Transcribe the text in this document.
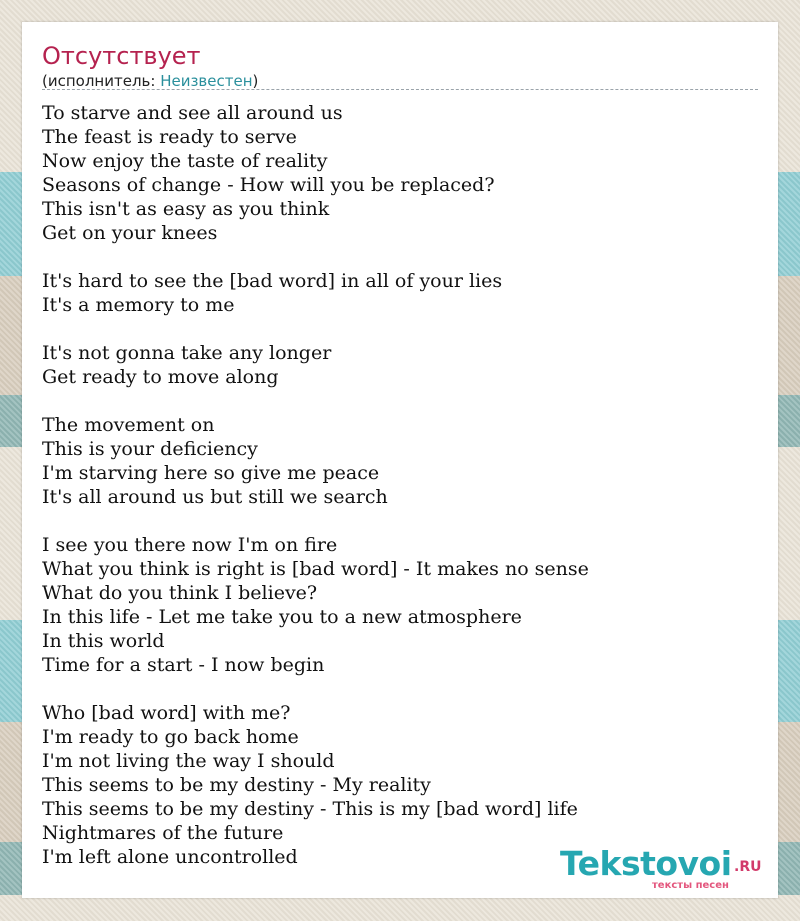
Отсутствует
(исполнитель: Неизвестен)
To starve and see all around us
The feast is ready to serve
Now enjoy the taste of reality
Seasons of change - How will you be replaced?
This isn't as easy as you think
Get on your knees
It's hard to see the [bad word] in all of your lies
It's a memory to me
It's not gonna take any longer
Get ready to move along
The movement on
This is your deficiency
I'm starving here so give me peace
It's all around us but still we search
I see you there now I'm on fire
What you think is right is [bad word] - It makes no sense
What do you think I believe?
In this life - Let me take you to a new atmosphere
In this world
Time for a start - I now begin
Who [bad word] with me?
I'm ready to go back home
I'm not living the way I should
This seems to be my destiny - My reality
This seems to be my destiny - This is my [bad word] life
Nightmares of the future
I'm left alone uncontrolled	Tekstovoi .RU
тексты песен
